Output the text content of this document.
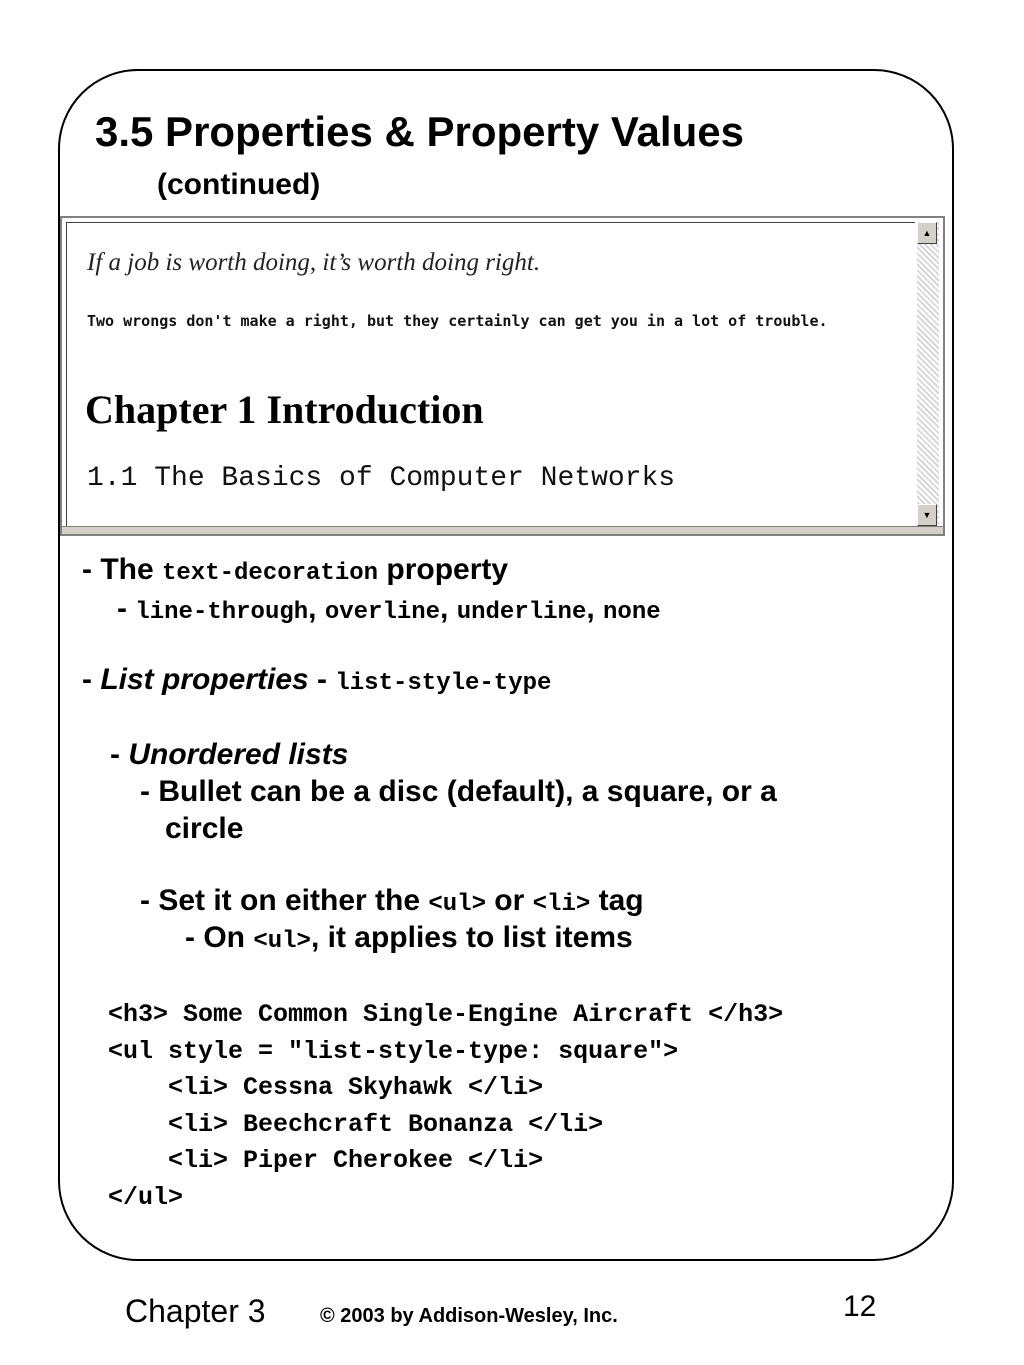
3.5 Properties & Property Values
(continued)
If a job is worth doing, it’s worth doing right.
Two wrongs don't make a right, but they certainly can get you in a lot of trouble.
Chapter 1 Introduction
1.1 The Basics of Computer Networks
▲
▼
- The text-decoration property
- line-through, overline, underline, none
- List properties - list-style-type
- Unordered lists
- Bullet can be a disc (default), a square, or a
circle
- Set it on either the <ul> or <li> tag
- On <ul>, it applies to list items
<h3> Some Common Single-Engine Aircraft </h3>
<ul style = "list-style-type: square">
<li> Cessna Skyhawk </li>
<li> Beechcraft Bonanza </li>
<li> Piper Cherokee </li>
</ul>
Chapter 3	© 2003 by Addison-Wesley, Inc.	12
